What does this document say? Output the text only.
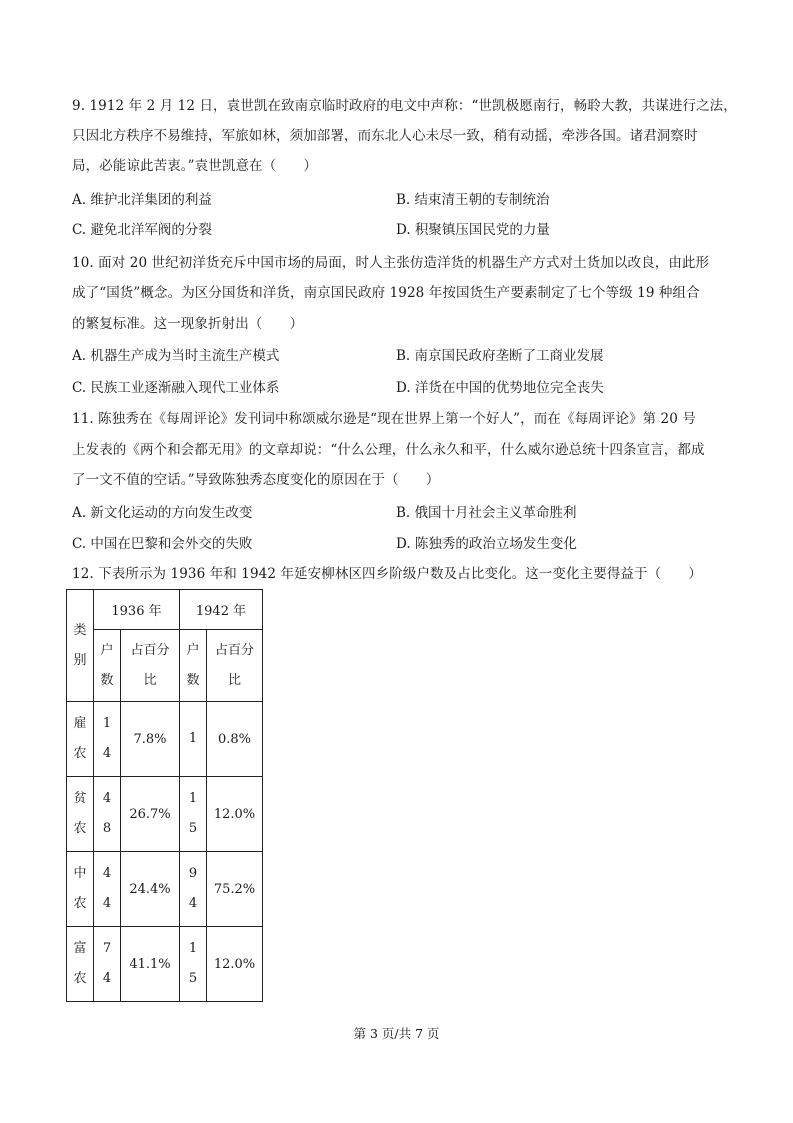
9. 1912 年 2 月 12 日，袁世凯在致南京临时政府的电文中声称：“世凯极愿南行，畅聆大教，共谋进行之法，
只因北方秩序不易维持，军旅如林，须加部署，而东北人心未尽一致，稍有动摇，牵涉各国。诸君洞察时
局，必能谅此苦衷。”袁世凯意在（　　）
A. 维护北洋集团的利益	B. 结束清王朝的专制统治
C. 避免北洋军阀的分裂	D. 积聚镇压国民党的力量
10. 面对 20 世纪初洋货充斥中国市场的局面，时人主张仿造洋货的机器生产方式对土货加以改良，由此形
成了“国货”概念。为区分国货和洋货，南京国民政府 1928 年按国货生产要素制定了七个等级 19 种组合
的繁复标准。这一现象折射出（　　）
A. 机器生产成为当时主流生产模式	B. 南京国民政府垄断了工商业发展
C. 民族工业逐渐融入现代工业体系	D. 洋货在中国的优势地位完全丧失
11. 陈独秀在《每周评论》发刊词中称颂威尔逊是“现在世界上第一个好人”，而在《每周评论》第 20 号
上发表的《两个和会都无用》的文章却说：“什么公理，什么永久和平，什么威尔逊总统十四条宣言，都成
了一文不值的空话。”导致陈独秀态度变化的原因在于（　　）
A. 新文化运动的方向发生改变	B. 俄国十月社会主义革命胜利
C. 中国在巴黎和会外交的失败	D. 陈独秀的政治立场发生变化
12. 下表所示为 1936 年和 1942 年延安柳林区四乡阶级户数及占比变化。这一变化主要得益于（　　）
类别	1936 年		1942 年	
	户数	占百分比	户数	占百分比
雇农	14	7.8%	1	0.8%
贫农	48	26.7%	15	12.0%
中农	44	24.4%	94	75.2%
富农	74	41.1%	15	12.0%
第 3 页/共 7 页
